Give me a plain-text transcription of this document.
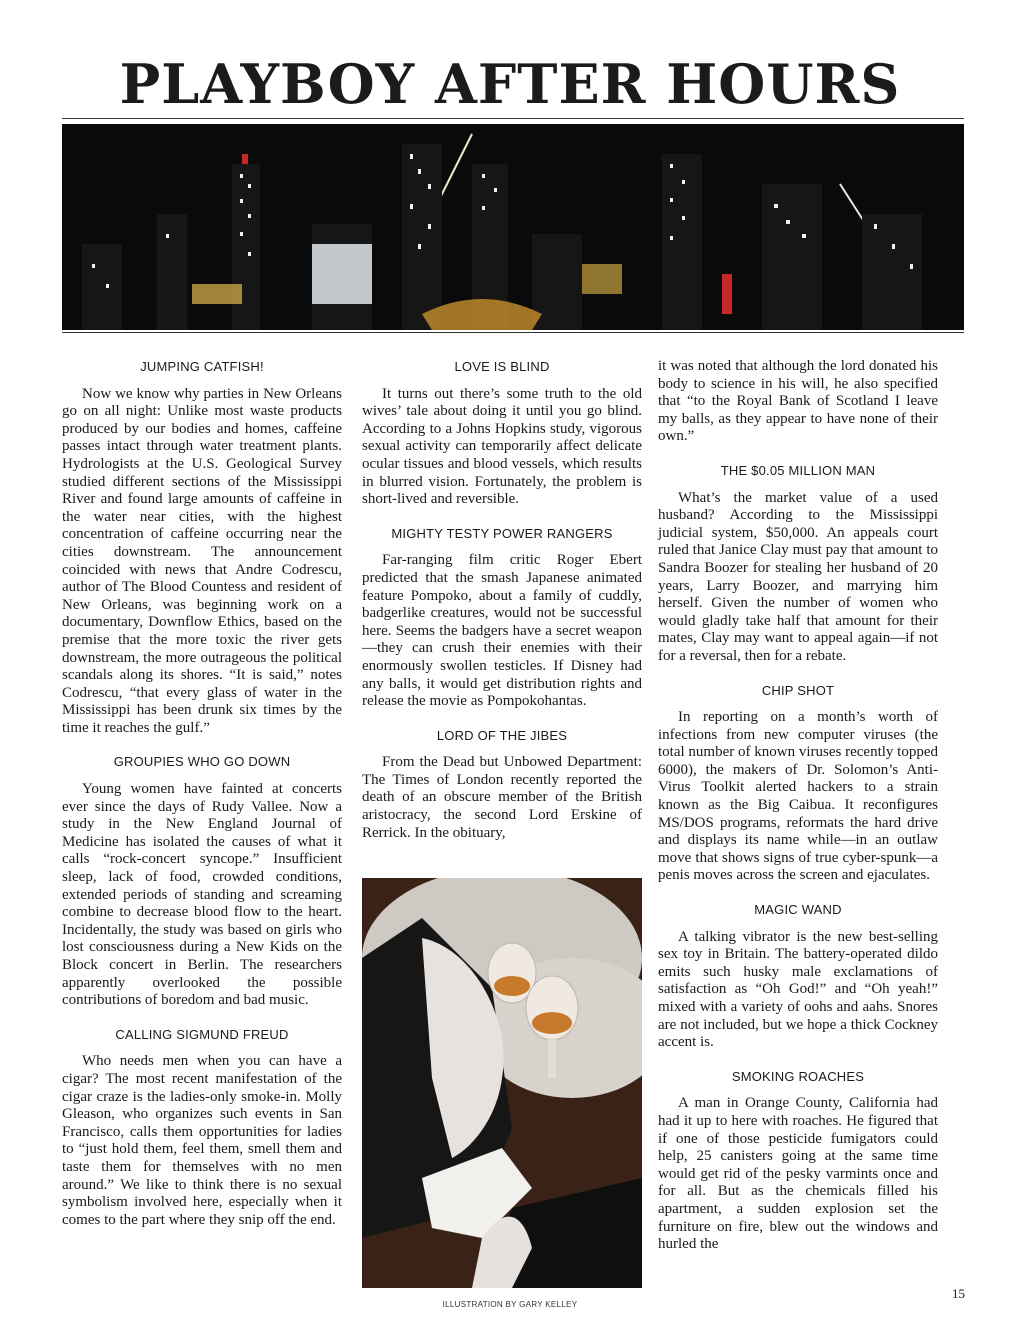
PLAYBOY AFTER HOURS
JUMPING CATFISH!

Now we know why parties in New Orleans go on all night: Unlike most waste products produced by our bodies and homes, caffeine passes intact through water treatment plants. Hydrologists at the U.S. Geological Survey studied different sections of the Mississippi River and found large amounts of caffeine in the water near cities, with the highest concentration of caffeine occurring near the cities downstream. The announcement coincided with news that Andre Codrescu, author of The Blood Countess and resident of New Orleans, was beginning work on a documentary, Downflow Ethics, based on the premise that the more toxic the river gets downstream, the more outrageous the political scandals along its shores. “It is said,” notes Codrescu, “that every glass of water in the Mississippi has been drunk six times by the time it reaches the gulf.”

GROUPIES WHO GO DOWN

Young women have fainted at concerts ever since the days of Rudy Vallee. Now a study in the New England Journal of Medicine has isolated the causes of what it calls “rock-concert syncope.” Insufficient sleep, lack of food, crowded conditions, extended periods of standing and screaming combine to decrease blood flow to the heart. Incidentally, the study was based on girls who lost consciousness during a New Kids on the Block concert in Berlin. The researchers apparently overlooked the possible contributions of boredom and bad music.

CALLING SIGMUND FREUD

Who needs men when you can have a cigar? The most recent manifestation of the cigar craze is the ladies-only smoke-in. Molly Gleason, who organizes such events in San Francisco, calls them opportunities for ladies to “just hold them, feel them, smell them and taste them for themselves with no men around.” We like to think there is no sexual symbolism involved here, especially when it comes to the part where they snip off the end.

LOVE IS BLIND

It turns out there’s some truth to the old wives’ tale about doing it until you go blind. According to a Johns Hopkins study, vigorous sexual activity can temporarily affect delicate ocular tissues and blood vessels, which results in blurred vision. Fortunately, the problem is short-lived and reversible.

MIGHTY TESTY POWER RANGERS

Far-ranging film critic Roger Ebert predicted that the smash Japanese animated feature Pompoko, about a family of cuddly, badgerlike creatures, would not be successful here. Seems the badgers have a secret weapon—they can crush their enemies with their enormously swollen testicles. If Disney had any balls, it would get distribution rights and release the movie as Pompokohantas.

LORD OF THE JIBES

From the Dead but Unbowed Department: The Times of London recently reported the death of an obscure member of the British aristocracy, the second Lord Erskine of Rerrick. In the obituary,

it was noted that although the lord donated his body to science in his will, he also specified that “to the Royal Bank of Scotland I leave my balls, as they appear to have none of their own.”

THE $0.05 MILLION MAN

What’s the market value of a used husband? According to the Mississippi judicial system, $50,000. An appeals court ruled that Janice Clay must pay that amount to Sandra Boozer for stealing her husband of 20 years, Larry Boozer, and marrying him herself. Given the number of women who would gladly take half that amount for their mates, Clay may want to appeal again—if not for a reversal, then for a rebate.

CHIP SHOT

In reporting on a month’s worth of infections from new computer viruses (the total number of known viruses recently topped 6000), the makers of Dr. Solomon’s Anti-Virus Toolkit alerted hackers to a strain known as the Big Caibua. It reconfigures MS/DOS programs, reformats the hard drive and displays its name while—in an outlaw move that shows signs of true cyber-spunk—a penis moves across the screen and ejaculates.

MAGIC WAND

A talking vibrator is the new best-selling sex toy in Britain. The battery-operated dildo emits such husky male exclamations of satisfaction as “Oh God!” and “Oh yeah!” mixed with a variety of oohs and aahs. Snores are not included, but we hope a thick Cockney accent is.

SMOKING ROACHES

A man in Orange County, California had had it up to here with roaches. He figured that if one of those pesticide fumigators could help, 25 canisters going at the same time would get rid of the pesky varmints once and for all. But as the chemicals filled his apartment, a sudden explosion set the furniture on fire, blew out the windows and hurled the

15
ILLUSTRATION BY GARY KELLEY
